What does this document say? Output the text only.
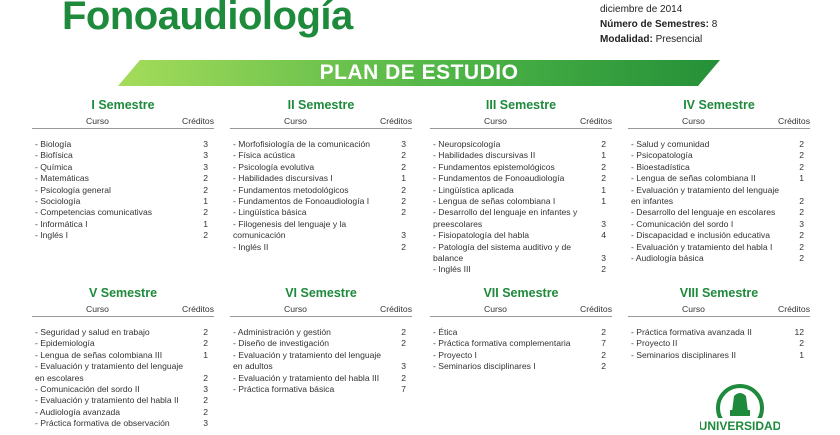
Fonoaudiología	diciembre de 2014
Número de Semestres: 8
Modalidad: Presencial
PLAN DE ESTUDIO
I Semestre
Curso	Créditos
- Biología	3
- Biofísica	3
- Química	3
- Matemáticas	2
- Psicología general	2
- Sociología	1
- Competencias comunicativas	2
- Informática I	1
- Inglés I	2
II Semestre
Curso	Créditos
- Morfofisiología de la comunicación	3
- Física acústica	2
- Psicología evolutiva	2
- Habilidades discursivas I	1
- Fundamentos metodológicos	2
- Fundamentos de Fonoaudiología I	2
- Lingüística básica	2
- Filogenesis del lenguaje y la comunicación	3
- Inglés II	2
III Semestre
Curso	Créditos
- Neuropsicología	2
- Habilidades discursivas II	1
- Fundamentos epistemológicos	2
- Fundamentos de Fonoaudiología	2
- Lingüística aplicada	1
- Lengua de señas colombiana I	1
- Desarrollo del lenguaje en infantes y preescolares	3
- Fisiopatología del habla	4
- Patología del sistema auditivo y de balance	3
- Inglés III	2
IV Semestre
Curso	Créditos
- Salud y comunidad	2
- Psicopatología	2
- Bioestadística	2
- Lengua de señas colombiana II	1
- Evaluación y tratamiento del lenguaje en infantes	2
- Desarrollo del lenguaje en escolares	2
- Comunicación del sordo I	3
- Discapacidad e inclusión educativa	2
- Evaluación y tratamiento del habla I	2
- Audiología básica	2
V Semestre
Curso	Créditos
- Seguridad y salud en trabajo	2
- Epidemiología	2
- Lengua de señas colombiana III	1
- Evaluación y tratamiento del lenguaje en escolares	2
- Comunicación del sordo II	3
- Evaluación y tratamiento del habla II	2
- Audiología avanzada	2
- Práctica formativa de observación	3
VI Semestre
Curso	Créditos
- Administración y gestión	2
- Diseño de investigación	2
- Evaluación y tratamiento del lenguaje en adultos	3
- Evaluación y tratamiento del habla III	2
- Práctica formativa básica	7
VII Semestre
Curso	Créditos
- Ética	2
- Práctica formativa complementaria	7
- Proyecto I	2
- Seminarios disciplinares I	2
VIII Semestre
Curso	Créditos
- Práctica formativa avanzada II	12
- Proyecto II	2
- Seminarios disciplinares II	1
UNIVERSIDAD
